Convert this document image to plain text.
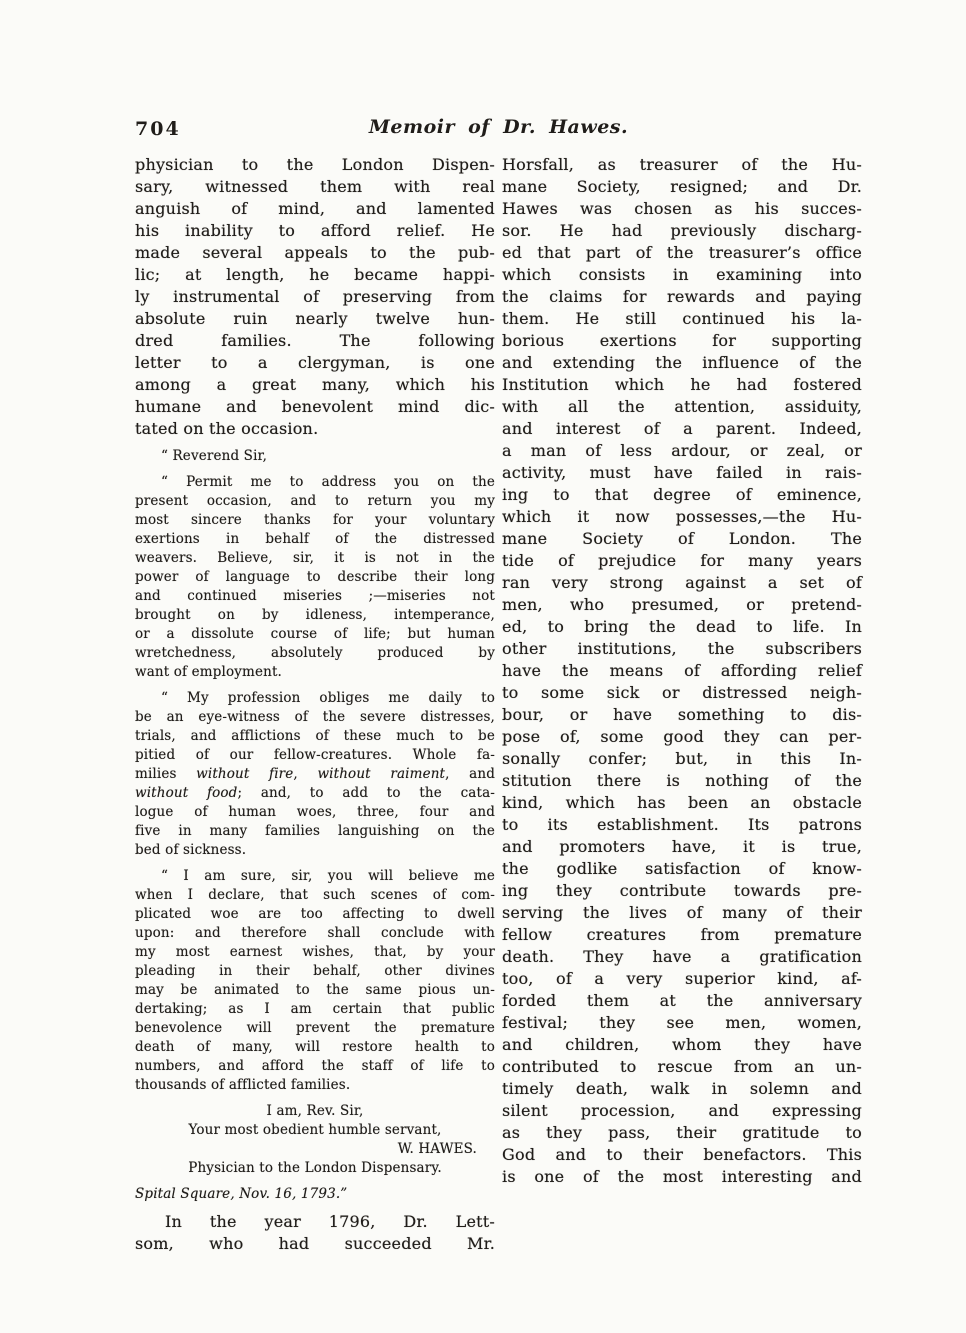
704	Memoir of Dr. Hawes.
physician to the London Dispen-
sary, witnessed them with real
anguish of mind, and lamented
his inability to afford relief. He
made several appeals to the pub-
lic; at length, he became happi-
ly instrumental of preserving from
absolute ruin nearly twelve hun-
dred families. The following
letter to a clergyman, is one
among a great many, which his
humane and benevolent mind dic-
tated on the occasion.
“ Reverend Sir,
“ Permit me to address you on the
present occasion, and to return you my
most sincere thanks for your voluntary
exertions in behalf of the distressed
weavers. Believe, sir, it is not in the
power of language to describe their long
and continued miseries ;—miseries not
brought on by idleness, intemperance,
or a dissolute course of life; but human
wretchedness, absolutely produced by
want of employment.
“ My profession obliges me daily to
be an eye-witness of the severe distresses,
trials, and afflictions of these much to be
pitied of our fellow-creatures. Whole fa-
milies without fire, without raiment, and
without food; and, to add to the cata-
logue of human woes, three, four and
five in many families languishing on the
bed of sickness.
“ I am sure, sir, you will believe me
when I declare, that such scenes of com-
plicated woe are too affecting to dwell
upon: and therefore shall conclude with
my most earnest wishes, that, by your
pleading in their behalf, other divines
may be animated to the same pious un-
dertaking; as I am certain that public
benevolence will prevent the premature
death of many, will restore health to
numbers, and afford the staff of life to
thousands of afflicted families.
I am, Rev. Sir,
Your most obedient humble servant,
W. HAWES.
Physician to the London Dispensary.
Spital Square, Nov. 16, 1793.”
In the year 1796, Dr. Lett-
som, who had succeeded Mr.
Horsfall, as treasurer of the Hu-
mane Society, resigned; and Dr.
Hawes was chosen as his succes-
sor. He had previously discharg-
ed that part of the treasurer’s office
which consists in examining into
the claims for rewards and paying
them. He still continued his la-
borious exertions for supporting
and extending the influence of the
Institution which he had fostered
with all the attention, assiduity,
and interest of a parent. Indeed,
a man of less ardour, or zeal, or
activity, must have failed in rais-
ing to that degree of eminence,
which it now possesses,—the Hu-
mane Society of London. The
tide of prejudice for many years
ran very strong against a set of
men, who presumed, or pretend-
ed, to bring the dead to life. In
other institutions, the subscribers
have the means of affording relief
to some sick or distressed neigh-
bour, or have something to dis-
pose of, some good they can per-
sonally confer; but, in this In-
stitution there is nothing of the
kind, which has been an obstacle
to its establishment. Its patrons
and promoters have, it is true,
the godlike satisfaction of know-
ing they contribute towards pre-
serving the lives of many of their
fellow creatures from premature
death. They have a gratification
too, of a very superior kind, af-
forded them at the anniversary
festival; they see men, women,
and children, whom they have
contributed to rescue from an un-
timely death, walk in solemn and
silent procession, and expressing
as they pass, their gratitude to
God and to their benefactors. This
is one of the most interesting and
